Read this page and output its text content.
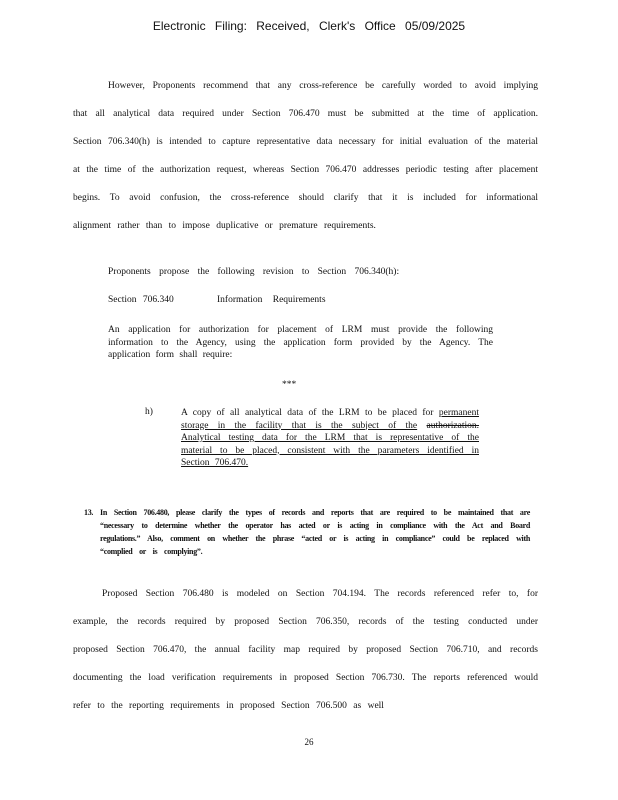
Electronic Filing: Received, Clerk's Office 05/09/2025
However, Proponents recommend that any cross-reference be carefully worded to avoid implying that all analytical data required under Section 706.470 must be submitted at the time of application. Section 706.340(h) is intended to capture representative data necessary for initial evaluation of the material at the time of the authorization request, whereas Section 706.470 addresses periodic testing after placement begins. To avoid confusion, the cross-reference should clarify that it is included for informational alignment rather than to impose duplicative or premature requirements.
Proponents propose the following revision to Section 706.340(h):
Section 706.340	Information Requirements
An application for authorization for placement of LRM must provide the following information to the Agency, using the application form provided by the Agency. The application form shall require:
***
h)	A copy of all analytical data of the LRM to be placed for permanent storage in the facility that is the subject of the authorization. Analytical testing data for the LRM that is representative of the material to be placed, consistent with the parameters identified in Section 706.470.
13. In Section 706.480, please clarify the types of records and reports that are required to be maintained that are “necessary to determine whether the operator has acted or is acting in compliance with the Act and Board regulations.” Also, comment on whether the phrase “acted or is acting in compliance” could be replaced with “complied or is complying”.
Proposed Section 706.480 is modeled on Section 704.194. The records referenced refer to, for example, the records required by proposed Section 706.350, records of the testing conducted under proposed Section 706.470, the annual facility map required by proposed Section 706.710, and records documenting the load verification requirements in proposed Section 706.730. The reports referenced would refer to the reporting requirements in proposed Section 706.500 as well
26
